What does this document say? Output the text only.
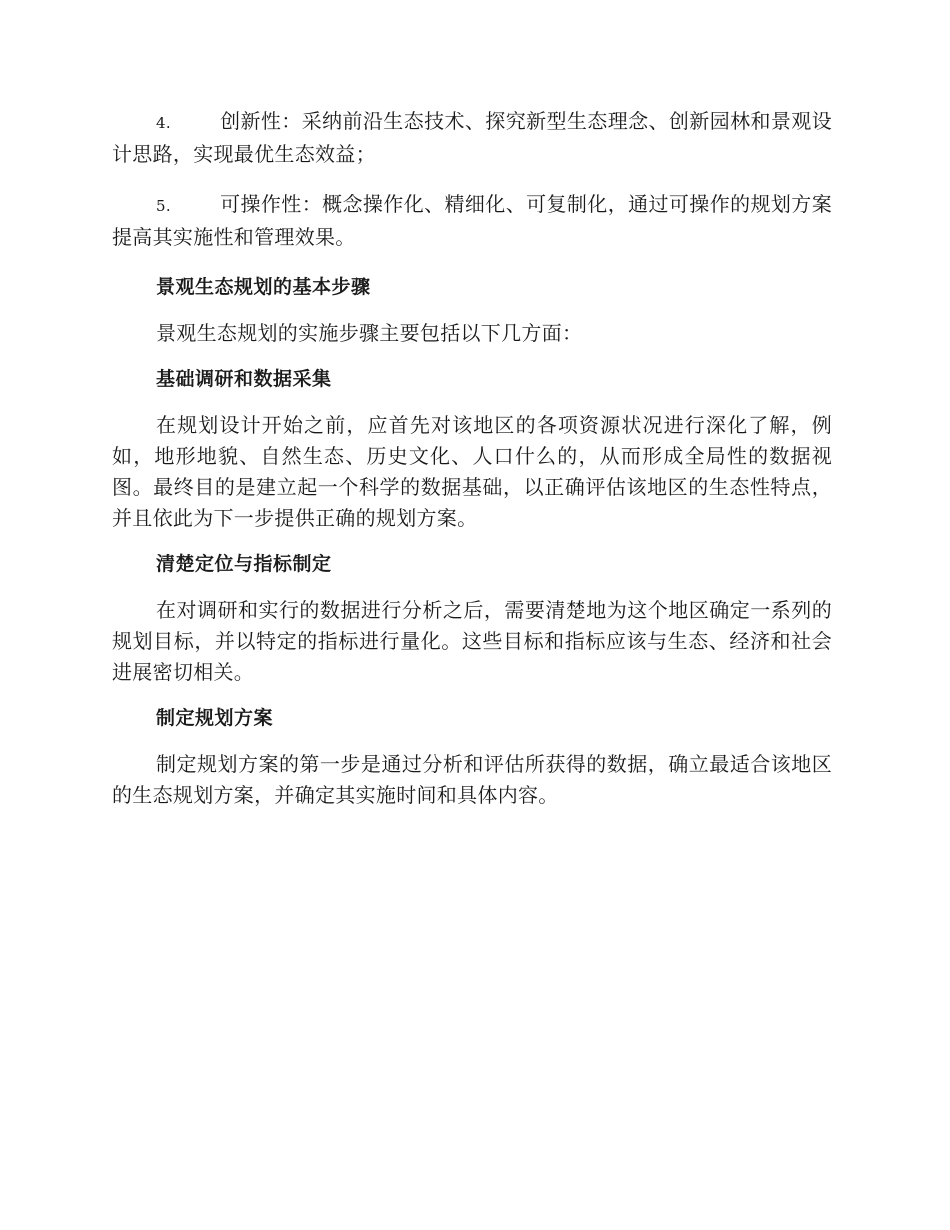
4. 创新性：采纳前沿生态技术、探究新型生态理念、创新园林和景观设计思路，实现最优生态效益；

5. 可操作性：概念操作化、精细化、可复制化，通过可操作的规划方案提高其实施性和管理效果。

景观生态规划的基本步骤

景观生态规划的实施步骤主要包括以下几方面：

基础调研和数据采集

在规划设计开始之前，应首先对该地区的各项资源状况进行深化了解，例如，地形地貌、自然生态、历史文化、人口什么的，从而形成全局性的数据视图。最终目的是建立起一个科学的数据基础，以正确评估该地区的生态性特点，并且依此为下一步提供正确的规划方案。

清楚定位与指标制定

在对调研和实行的数据进行分析之后，需要清楚地为这个地区确定一系列的规划目标，并以特定的指标进行量化。这些目标和指标应该与生态、经济和社会进展密切相关。

制定规划方案

制定规划方案的第一步是通过分析和评估所获得的数据，确立最适合该地区的生态规划方案，并确定其实施时间和具体内容。
